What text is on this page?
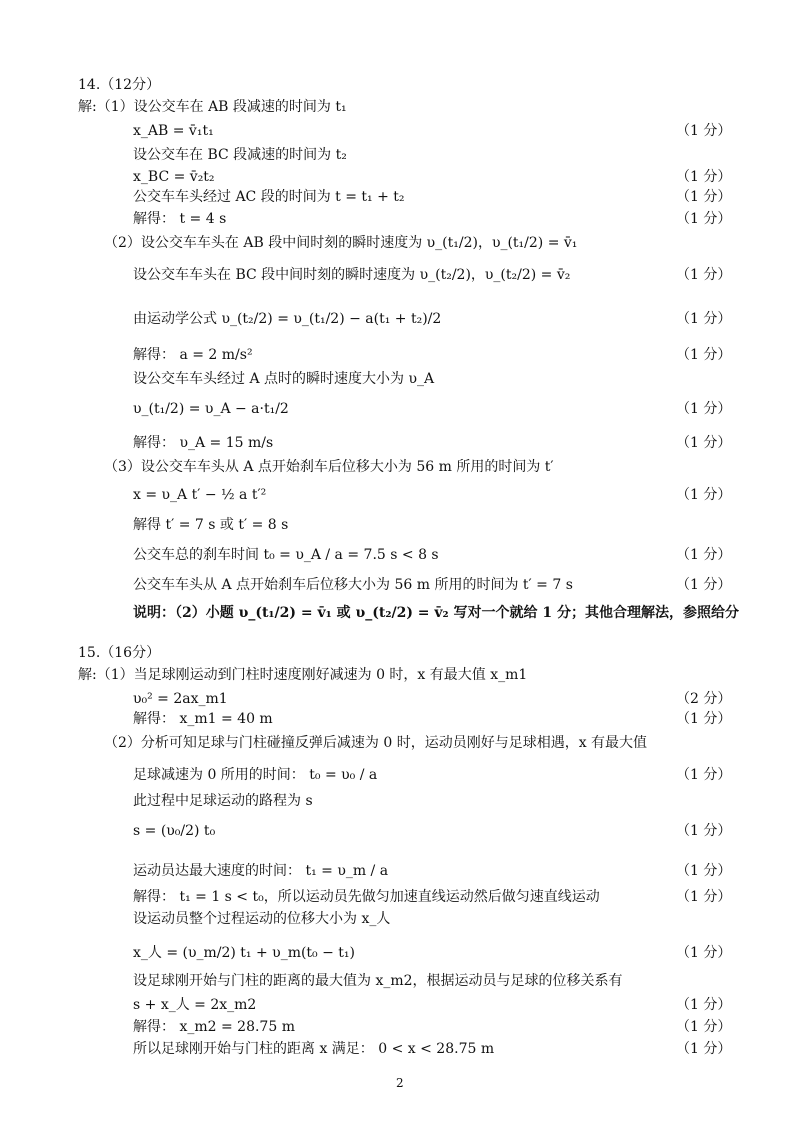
14.（12分）
解:（1）设公交车在 AB 段减速的时间为 t₁
x_AB = v̄₁t₁	（1 分）
设公交车在 BC 段减速的时间为 t₂
x_BC = v̄₂t₂	（1 分）
公交车车头经过 AC 段的时间为 t = t₁ + t₂	（1 分）
解得： t = 4 s	（1 分）
（2）设公交车车头在 AB 段中间时刻的瞬时速度为 υ_(t₁/2)，υ_(t₁/2) = v̄₁
设公交车车头在 BC 段中间时刻的瞬时速度为 υ_(t₂/2)，υ_(t₂/2) = v̄₂	（1 分）
由运动学公式 υ_(t₂/2) = υ_(t₁/2) − a(t₁ + t₂)/2	（1 分）
解得： a = 2 m/s²	（1 分）
设公交车车头经过 A 点时的瞬时速度大小为 υ_A
υ_(t₁/2) = υ_A − a·t₁/2	（1 分）
解得： υ_A = 15 m/s	（1 分）
（3）设公交车车头从 A 点开始刹车后位移大小为 56 m 所用的时间为 t′
x = υ_A t′ − ½ a t′²	（1 分）
解得 t′ = 7 s 或 t′ = 8 s
公交车总的刹车时间 t₀ = υ_A / a = 7.5 s < 8 s	（1 分）
公交车车头从 A 点开始刹车后位移大小为 56 m 所用的时间为 t′ = 7 s	（1 分）
说明：（2）小题 υ_(t₁/2) = v̄₁ 或 υ_(t₂/2) = v̄₂ 写对一个就给 1 分；其他合理解法，参照给分
15.（16分）
解:（1）当足球刚运动到门柱时速度刚好减速为 0 时，x 有最大值 x_m1
υ₀² = 2ax_m1	（2 分）
解得： x_m1 = 40 m	（1 分）
（2）分析可知足球与门柱碰撞反弹后减速为 0 时，运动员刚好与足球相遇，x 有最大值
足球减速为 0 所用的时间： t₀ = υ₀ / a	（1 分）
此过程中足球运动的路程为 s
s = (υ₀/2) t₀	（1 分）
运动员达最大速度的时间： t₁ = υ_m / a	（1 分）
解得： t₁ = 1 s < t₀，所以运动员先做匀加速直线运动然后做匀速直线运动	（1 分）
设运动员整个过程运动的位移大小为 x_人
x_人 = (υ_m/2) t₁ + υ_m(t₀ − t₁)	（1 分）
设足球刚开始与门柱的距离的最大值为 x_m2，根据运动员与足球的位移关系有
s + x_人 = 2x_m2	（1 分）
解得： x_m2 = 28.75 m	（1 分）
所以足球刚开始与门柱的距离 x 满足： 0 < x < 28.75 m	（1 分）
2
